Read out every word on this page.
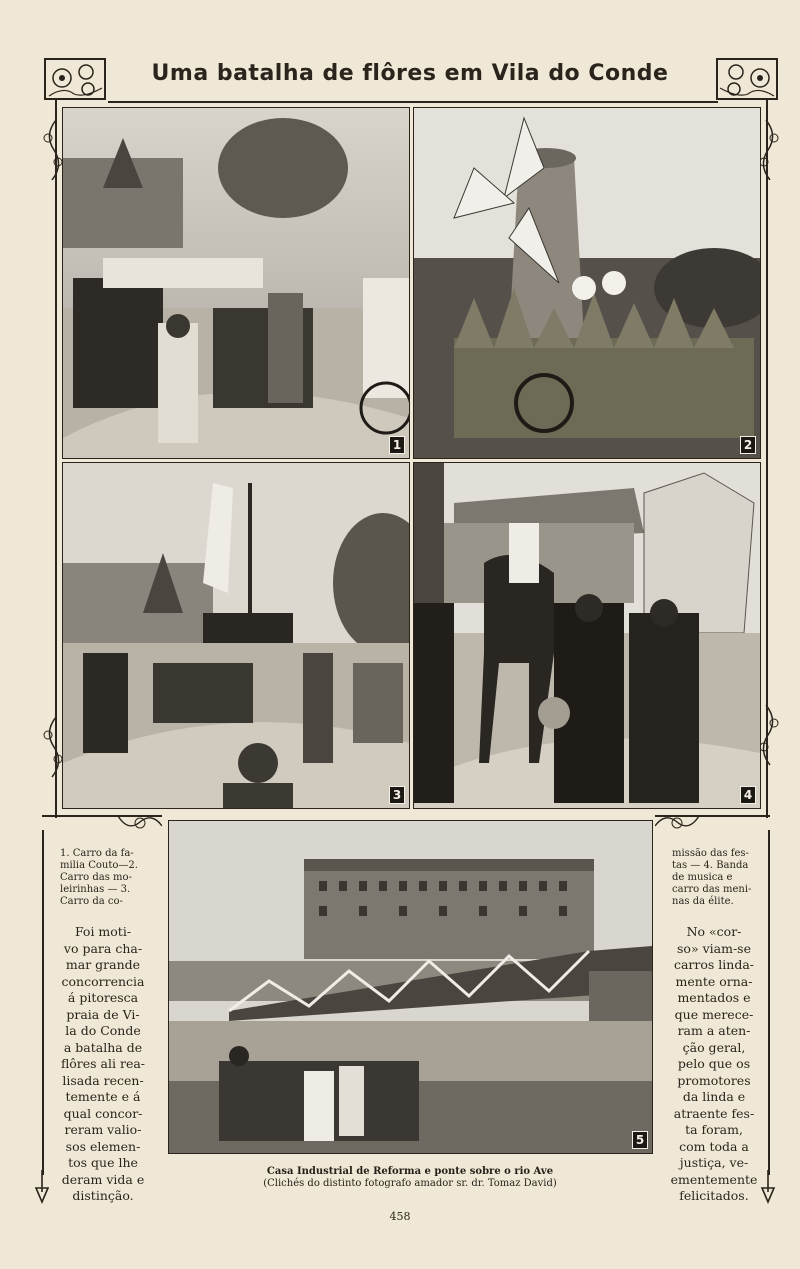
Uma batalha de flôres em Vila do Conde
1	2
3	4
5
1. Carro da fa-
milia Couto—2.
Carro das mo-
leirinhas — 3.
Carro da co-
missão das fes-
tas — 4. Banda
de musica e
carro das meni-
nas da élite.

Foi moti-

vo para cha-

mar grande

concorrencia

á pitoresca

praia de Vi-

la do Conde

a batalha de

flôres ali rea-

lisada recen-

temente e á

qual concor-

reram valio-

sos elemen-

tos que lhe

deram vida e

distinção.

No «cor-

so» viam-se

carros linda-

mente orna-

mentados e

que merece-

ram a aten-

ção geral,

pelo que os

promotores

da linda e

atraente fes-

ta foram,

com toda a

justiça, ve-

ementemente

felicitados.

Casa Industrial de Reforma e ponte sobre o rio Ave
(Clichés do distinto fotografo amador sr. dr. Tomaz David)
458
